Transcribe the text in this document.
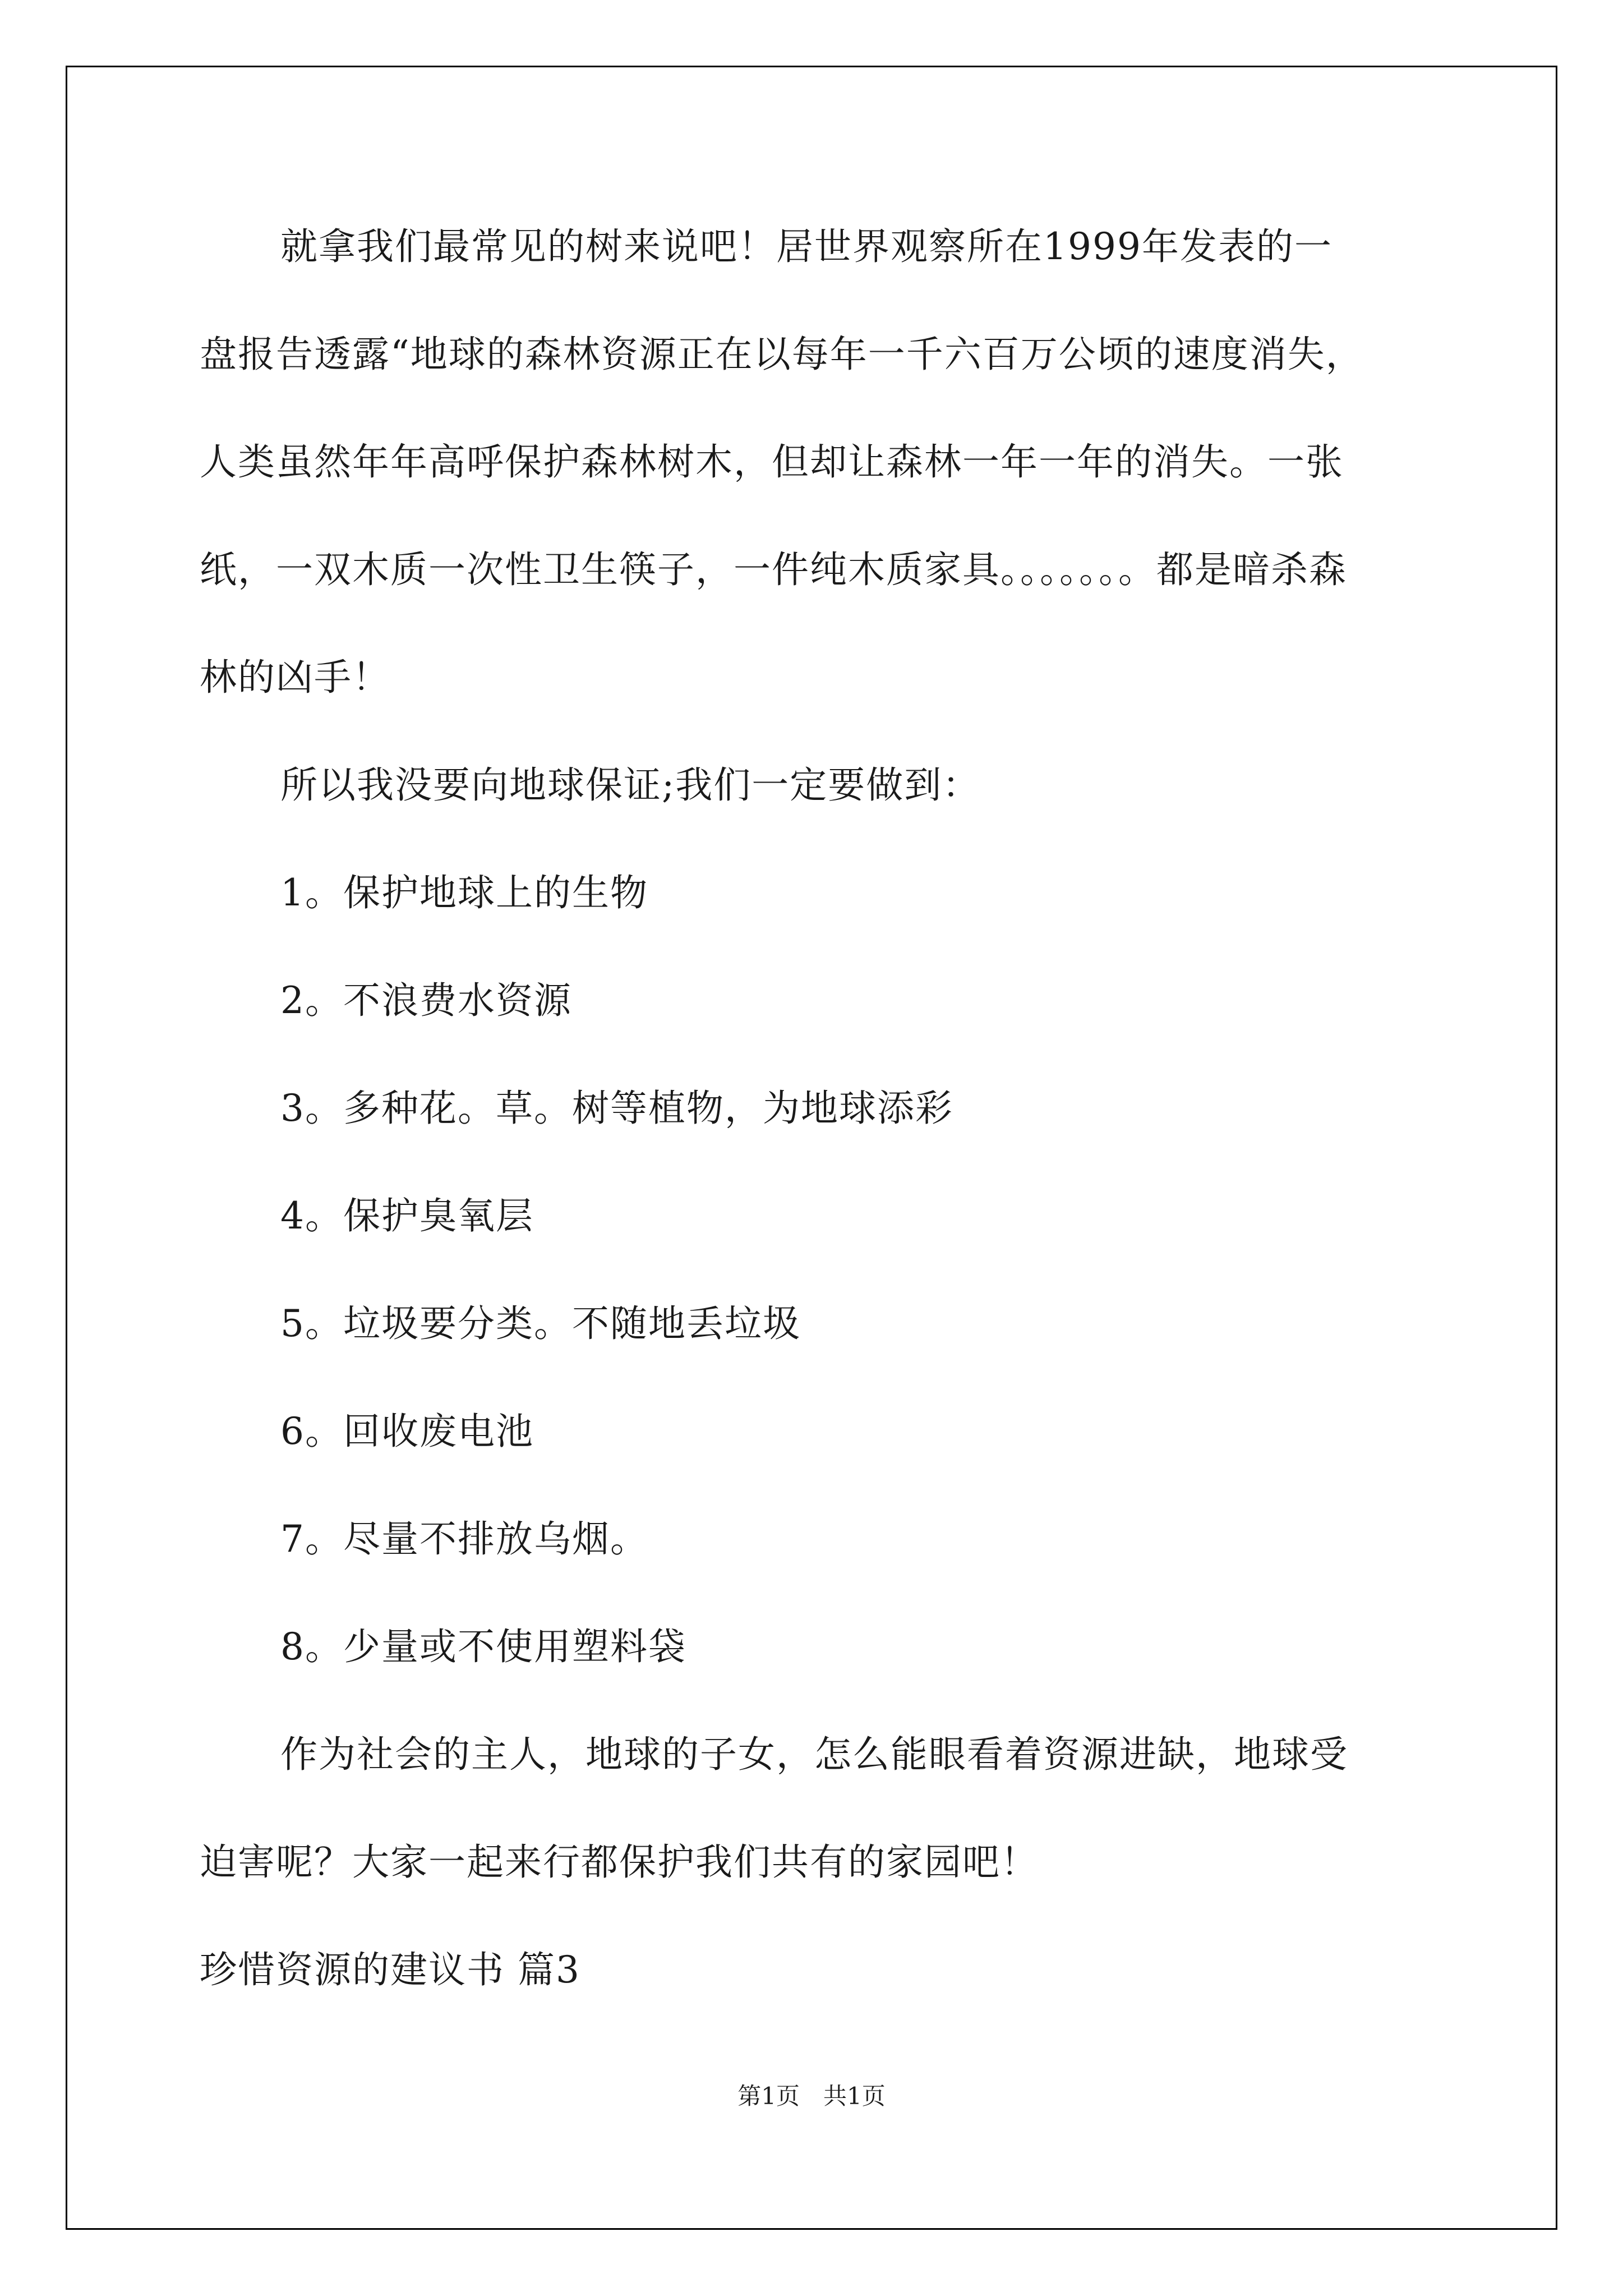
就拿我们最常见的树来说吧！居世界观察所在1999年发表的一
盘报告透露“地球的森林资源正在以每年一千六百万公顷的速度消失，
人类虽然年年高呼保护森林树木，但却让森林一年一年的消失。一张
纸，一双木质一次性卫生筷子，一件纯木质家具。。。。。。。都是暗杀森
林的凶手！
所以我没要向地球保证;我们一定要做到：
1。保护地球上的生物
2。不浪费水资源
3。多种花。草。树等植物，为地球添彩
4。保护臭氧层
5。垃圾要分类。不随地丢垃圾
6。回收废电池
7。尽量不排放乌烟。
8。少量或不使用塑料袋
作为社会的主人，地球的子女，怎么能眼看着资源进缺，地球受
迫害呢？大家一起来行都保护我们共有的家园吧！
珍惜资源的建议书 篇3
第1页　共1页
